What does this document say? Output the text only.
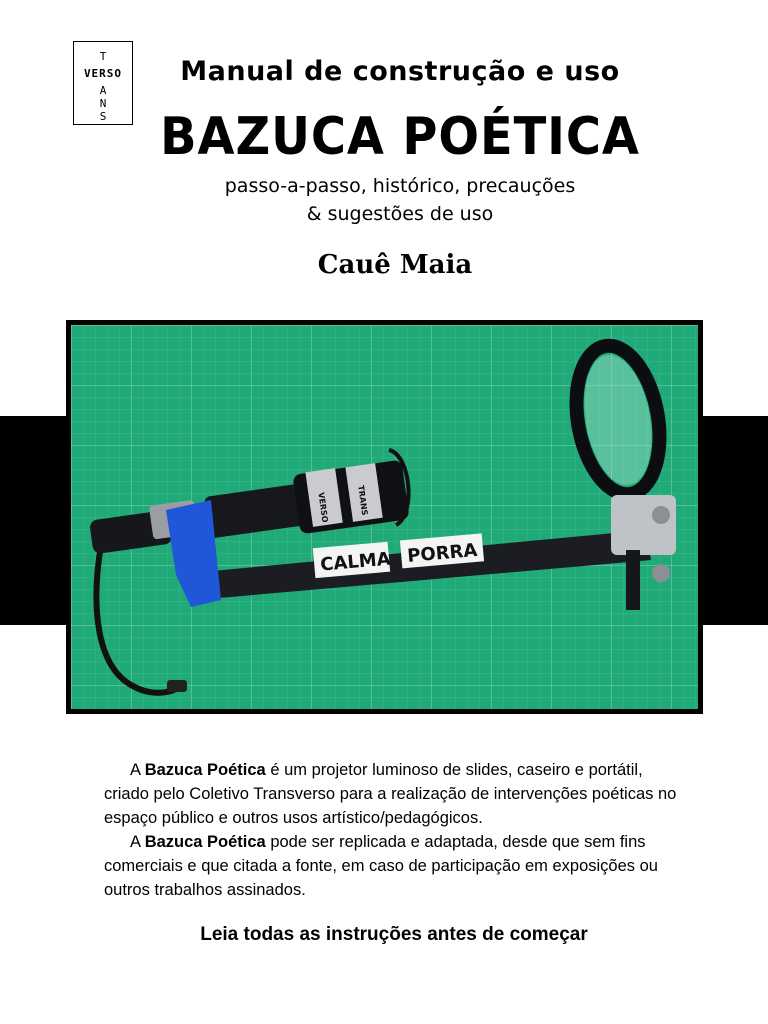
T
VERSO
A
N
S
Manual de construção e uso
BAZUCA POÉTICA
passo-a-passo, histórico, precauções
& sugestões de uso
Cauê Maia
VERSO	TRANS
CALMA PORRA

A Bazuca Poética é um projetor luminoso de slides, caseiro e portátil, criado pelo Coletivo Transverso para a realização de intervenções poéticas no espaço público e outros usos artístico/pedagógicos.

A Bazuca Poética pode ser replicada e adaptada, desde que sem fins comerciais e que citada a fonte, em caso de participação em exposições ou outros trabalhos assinados.

Leia todas as instruções antes de começar
